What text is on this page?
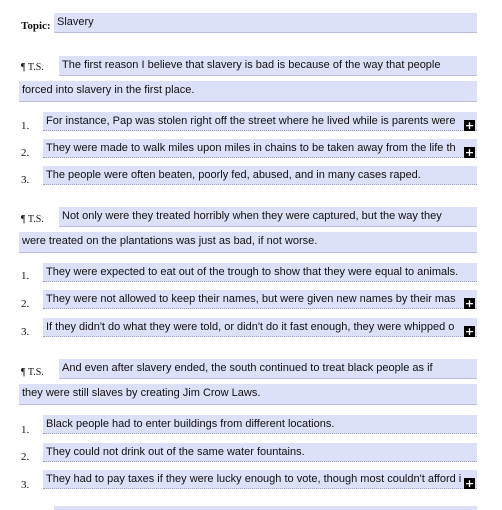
Topic: Slavery
¶ T.S. The first reason I believe that slavery is bad is because of the way that people
forced into slavery in the first place.
1. For instance, Pap was stolen right off the street where he lived while is parents were +
2. They were made to walk miles upon miles in chains to be taken away from the life th +
3. The people were often beaten, poorly fed, abused, and in many cases raped.
¶ T.S. Not only were they treated horribly when they were captured, but the way they
were treated on the plantations was just as bad, if not worse.
1. They were expected to eat out of the trough to show that they were equal to animals.
2. They were not allowed to keep their names, but were given new names by their mas +
3. If they didn't do what they were told, or didn't do it fast enough, they were whipped o +
¶ T.S. And even after slavery ended, the south continued to treat black people as if
they were still slaves by creating Jim Crow Laws.
1. Black people had to enter buildings from different locations.
2. They could not drink out of the same water fountains.
3. They had to pay taxes if they were lucky enough to vote, though most couldn't afford i +
